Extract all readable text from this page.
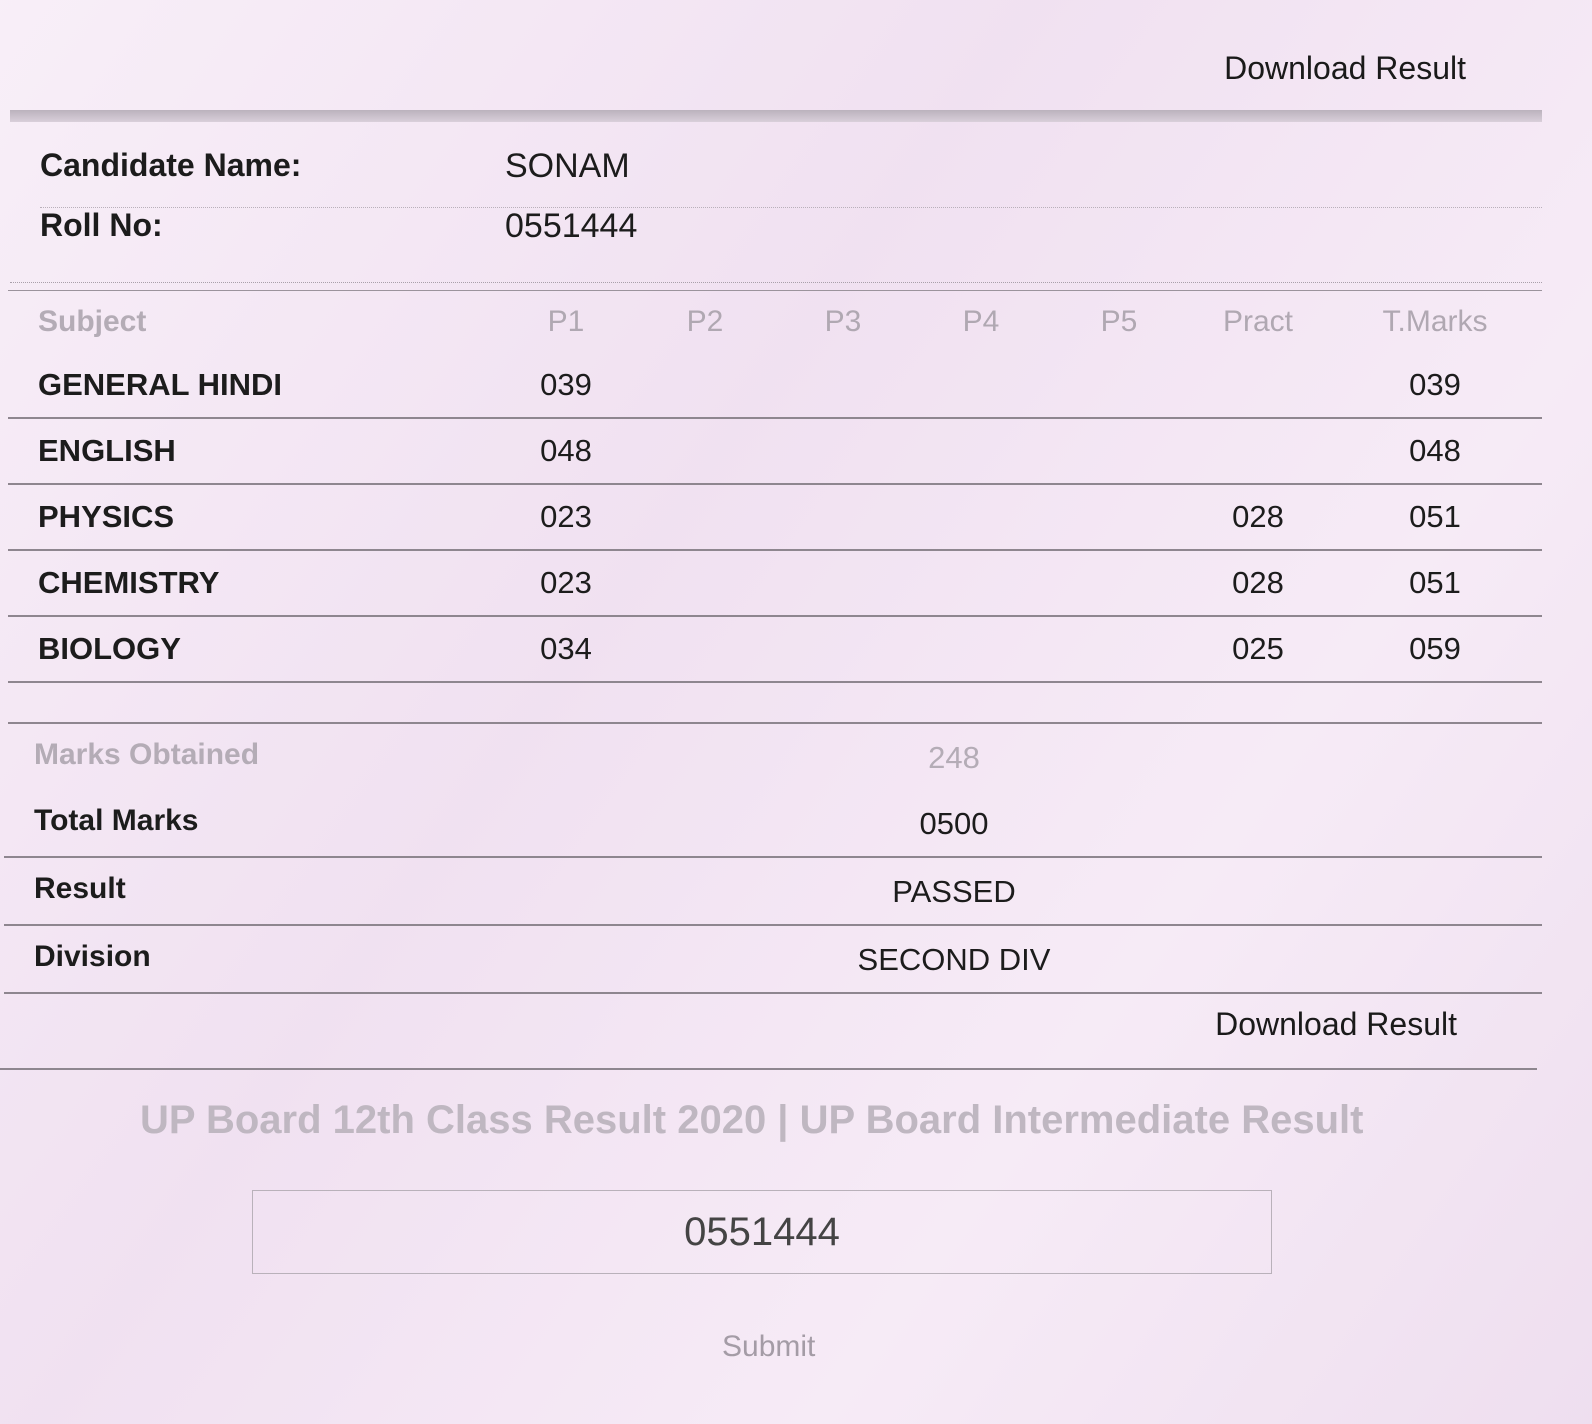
Download Result
Candidate Name:	SONAM
Roll No:	0551444
Subject	P1	P2	P3	P4	P5	Pract	T.Marks
GENERAL HINDI	039						039
ENGLISH	048						048
PHYSICS	023					028	051
CHEMISTRY	023					028	051
BIOLOGY	034					025	059
Marks Obtained	248
Total Marks	0500
Result	PASSED
Division	SECOND DIV
Download Result
UP Board 12th Class Result 2020 | UP Board Intermediate Result
0551444
Submit
